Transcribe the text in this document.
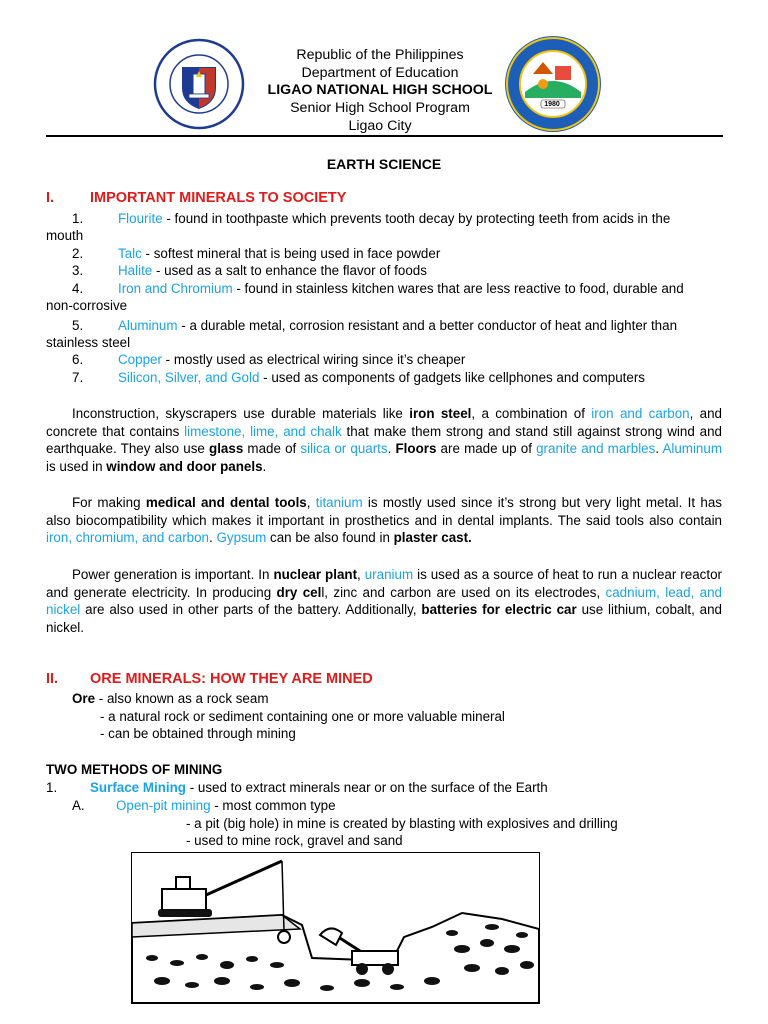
Republic of the Philippines
Department of Education
LIGAO NATIONAL HIGH SCHOOL
Senior High School Program
Ligao City
1980
EARTH SCIENCE
I. IMPORTANT MINERALS TO SOCIETY
1.	Flourite - found in toothpaste which prevents tooth decay by protecting teeth from acids in the
mouth
2.	Talc - softest mineral that is being used in face powder
3.	Halite - used as a salt to enhance the flavor of foods
4.	Iron and Chromium - found in stainless kitchen wares that are less reactive to food, durable and
non-corrosive
5.	Aluminum - a durable metal, corrosion resistant and a better conductor of heat and lighter than
stainless steel
6.	Copper - mostly used as electrical wiring since it’s cheaper
7.	Silicon, Silver, and Gold - used as components of gadgets like cellphones and computers

Inconstruction, skyscrapers use durable materials like iron steel, a combination of iron and carbon, and concrete that contains limestone, lime, and chalk that make them strong and stand still against strong wind and earthquake. They also use glass made of silica or quarts. Floors are made up of granite and marbles. Aluminum is used in window and door panels.

For making medical and dental tools, titanium is mostly used since it’s strong but very light metal. It has also biocompatibility which makes it important in prosthetics and in dental implants. The said tools also contain iron, chromium, and carbon. Gypsum can be also found in plaster cast.

Power generation is important. In nuclear plant, uranium is used as a source of heat to run a nuclear reactor and generate electricity. In producing dry cell, zinc and carbon are used on its electrodes, cadnium, lead, and nickel are also used in other parts of the battery. Additionally, batteries for electric car use lithium, cobalt, and nickel.

II. ORE MINERALS: HOW THEY ARE MINED
Ore - also known as a rock seam
- a natural rock or sediment containing one or more valuable mineral
- can be obtained through mining
TWO METHODS OF MINING
1. Surface Mining - used to extract minerals near or on the surface of the Earth
A. Open-pit mining - most common type
- a pit (big hole) in mine is created by blasting with explosives and drilling
- used to mine rock, gravel and sand
